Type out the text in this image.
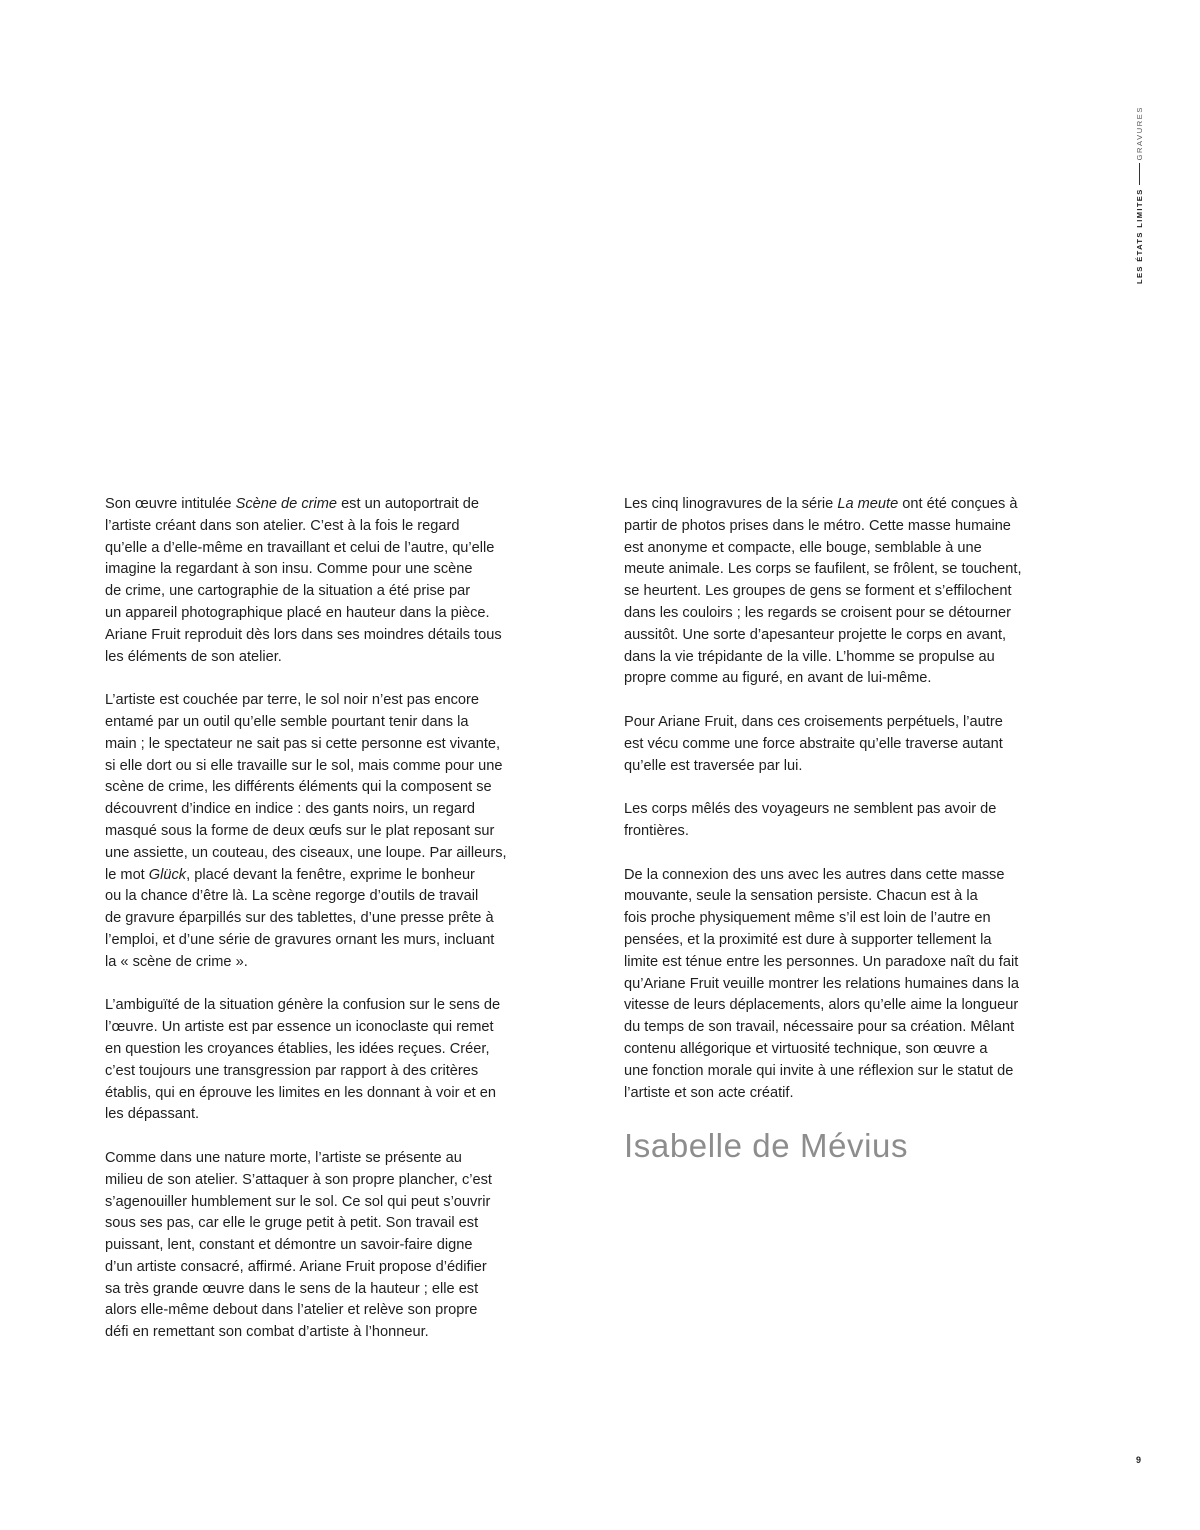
LES ÉTATS LIMITES
GRAVURES

Son œuvre intitulée Scène de crime est un autoportrait de
l’artiste créant dans son atelier. C’est à la fois le regard
qu’elle a d’elle-même en travaillant et celui de l’autre, qu’elle
imagine la regardant à son insu. Comme pour une scène
de crime, une cartographie de la situation a été prise par
un appareil photographique placé en hauteur dans la pièce.
Ariane Fruit reproduit dès lors dans ses moindres détails tous
les éléments de son atelier.

L’artiste est couchée par terre, le sol noir n’est pas encore
entamé par un outil qu’elle semble pourtant tenir dans la
main ; le spectateur ne sait pas si cette personne est vivante,
si elle dort ou si elle travaille sur le sol, mais comme pour une
scène de crime, les différents éléments qui la composent se
découvrent d’indice en indice : des gants noirs, un regard
masqué sous la forme de deux œufs sur le plat reposant sur
une assiette, un couteau, des ciseaux, une loupe. Par ailleurs,
le mot Glück, placé devant la fenêtre, exprime le bonheur
ou la chance d’être là. La scène regorge d’outils de travail
de gravure éparpillés sur des tablettes, d’une presse prête à
l’emploi, et d’une série de gravures ornant les murs, incluant
la « scène de crime ».

L’ambiguïté de la situation génère la confusion sur le sens de
l’œuvre. Un artiste est par essence un iconoclaste qui remet
en question les croyances établies, les idées reçues. Créer,
c’est toujours une transgression par rapport à des critères
établis, qui en éprouve les limites en les donnant à voir et en
les dépassant.

Comme dans une nature morte, l’artiste se présente au
milieu de son atelier. S’attaquer à son propre plancher, c’est
s’agenouiller humblement sur le sol. Ce sol qui peut s’ouvrir
sous ses pas, car elle le gruge petit à petit. Son travail est
puissant, lent, constant et démontre un savoir-faire digne
d’un artiste consacré, affirmé. Ariane Fruit propose d’édifier
sa très grande œuvre dans le sens de la hauteur ; elle est
alors elle-même debout dans l’atelier et relève son propre
défi en remettant son combat d’artiste à l’honneur.

Les cinq linogravures de la série La meute ont été conçues à
partir de photos prises dans le métro. Cette masse humaine
est anonyme et compacte, elle bouge, semblable à une
meute animale. Les corps se faufilent, se frôlent, se touchent,
se heurtent. Les groupes de gens se forment et s’effilochent
dans les couloirs ; les regards se croisent pour se détourner
aussitôt. Une sorte d’apesanteur projette le corps en avant,
dans la vie trépidante de la ville. L’homme se propulse au
propre comme au figuré, en avant de lui-même.

Pour Ariane Fruit, dans ces croisements perpétuels, l’autre
est vécu comme une force abstraite qu’elle traverse autant
qu’elle est traversée par lui.

Les corps mêlés des voyageurs ne semblent pas avoir de
frontières.

De la connexion des uns avec les autres dans cette masse
mouvante, seule la sensation persiste. Chacun est à la
fois proche physiquement même s’il est loin de l’autre en
pensées, et la proximité est dure à supporter tellement la
limite est ténue entre les personnes. Un paradoxe naît du fait
qu’Ariane Fruit veuille montrer les relations humaines dans la
vitesse de leurs déplacements, alors qu’elle aime la longueur
du temps de son travail, nécessaire pour sa création. Mêlant
contenu allégorique et virtuosité technique, son œuvre a
une fonction morale qui invite à une réflexion sur le statut de
l’artiste et son acte créatif.

Isabelle de Mévius
9
